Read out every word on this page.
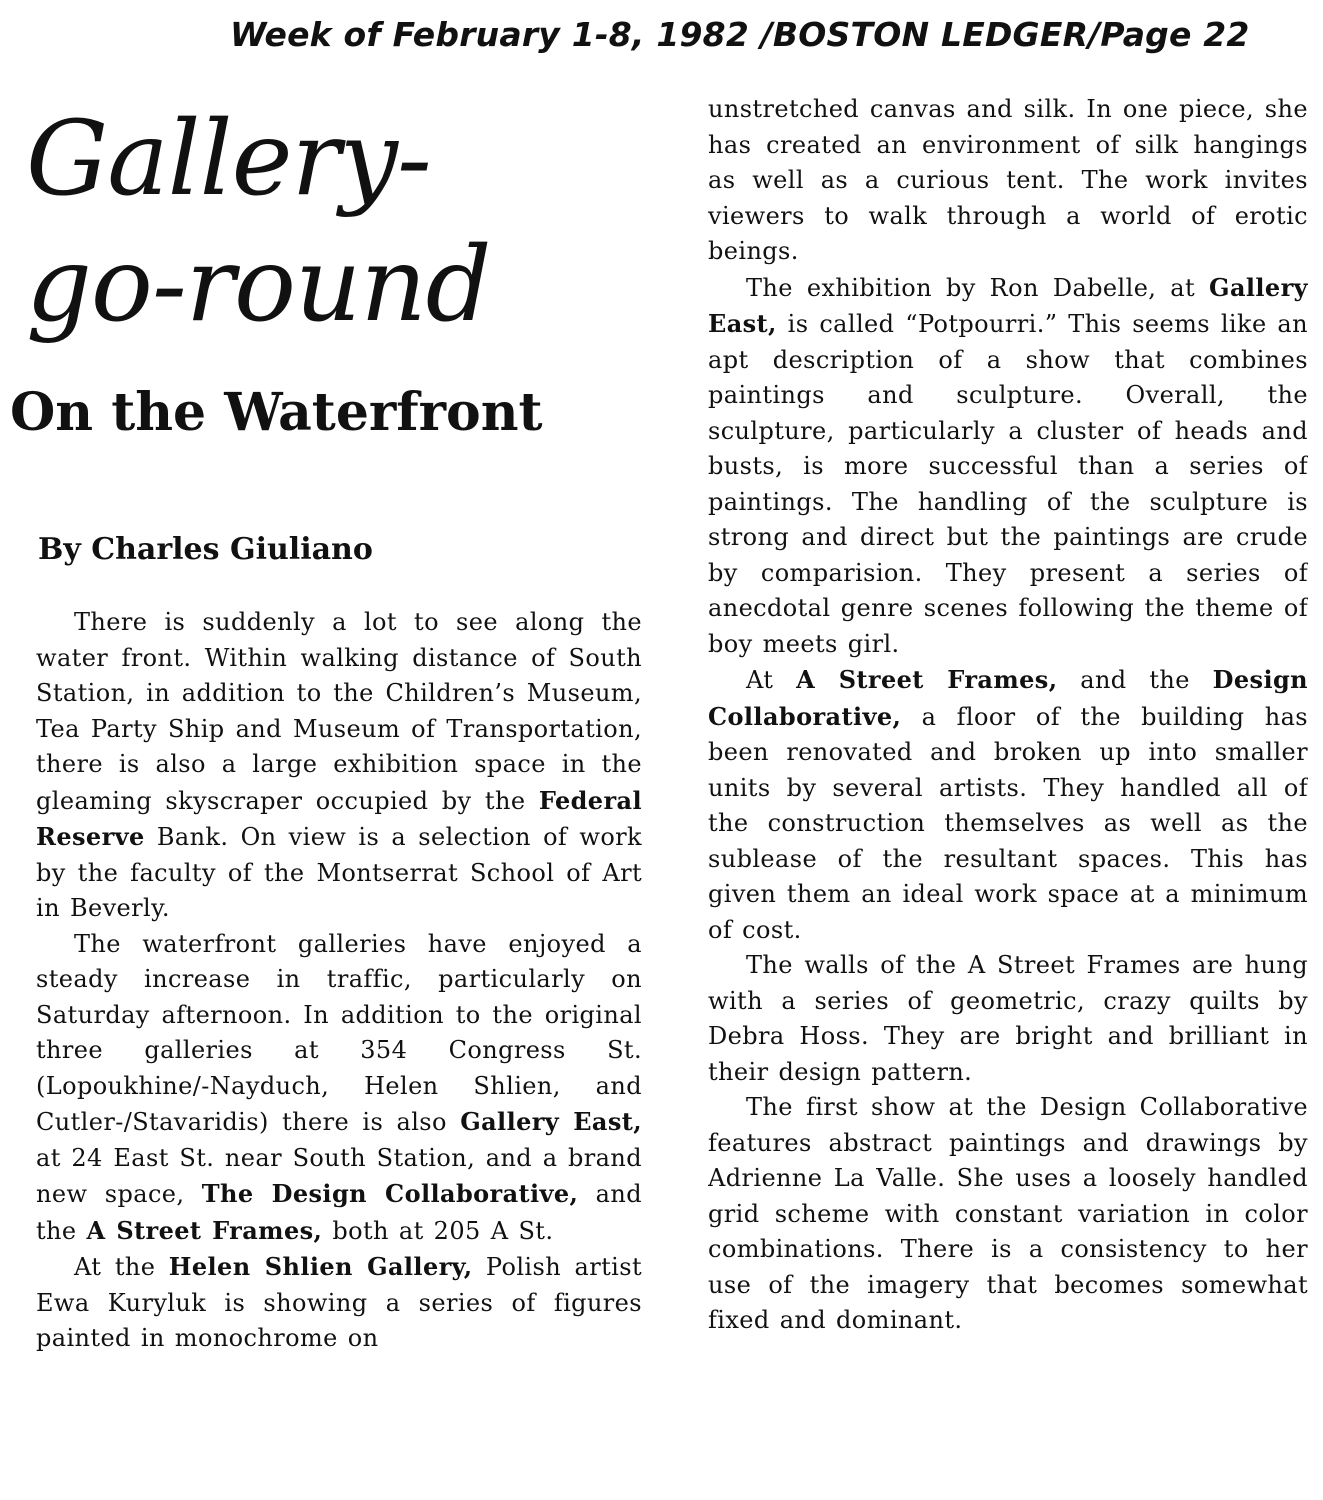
Week of February 1-8, 1982 /BOSTON LEDGER/Page 22
Gallery-
go-round
On the Waterfront
By Charles Giuliano

There is suddenly a lot to see along the water front. Within walking distance of South Station, in addition to the Children’s Museum, Tea Party Ship and Museum of Transportation, there is also a large exhibition space in the gleaming skyscraper occupied by the Federal Reserve Bank. On view is a selection of work by the faculty of the Montserrat School of Art in Beverly.

The waterfront galleries have enjoyed a steady increase in traffic, particularly on Saturday afternoon. In addition to the original three galleries at 354 Congress St. (Lopoukhine/-Nayduch, Helen Shlien, and Cutler-/Stavaridis) there is also Gallery East, at 24 East St. near South Station, and a brand new space, The Design Collaborative, and the A Street Frames, both at 205 A St.

At the Helen Shlien Gallery, Polish artist Ewa Kuryluk is showing a series of figures painted in monochrome on

unstretched canvas and silk. In one piece, she has created an environment of silk hangings as well as a curious tent. The work invites viewers to walk through a world of erotic beings.

The exhibition by Ron Dabelle, at Gallery East, is called “Potpourri.” This seems like an apt description of a show that combines paintings and sculpture. Overall, the sculpture, particularly a cluster of heads and busts, is more successful than a series of paintings. The handling of the sculpture is strong and direct but the paintings are crude by comparision. They present a series of anecdotal genre scenes following the theme of boy meets girl.

At A Street Frames, and the Design Collaborative, a floor of the building has been renovated and broken up into smaller units by several artists. They handled all of the construction themselves as well as the sublease of the resultant spaces. This has given them an ideal work space at a minimum of cost.

The walls of the A Street Frames are hung with a series of geometric, crazy quilts by Debra Hoss. They are bright and brilliant in their design pattern.

The first show at the Design Collaborative features abstract paintings and drawings by Adrienne La Valle. She uses a loosely handled grid scheme with constant variation in color combinations. There is a consistency to her use of the imagery that becomes somewhat fixed and dominant.
